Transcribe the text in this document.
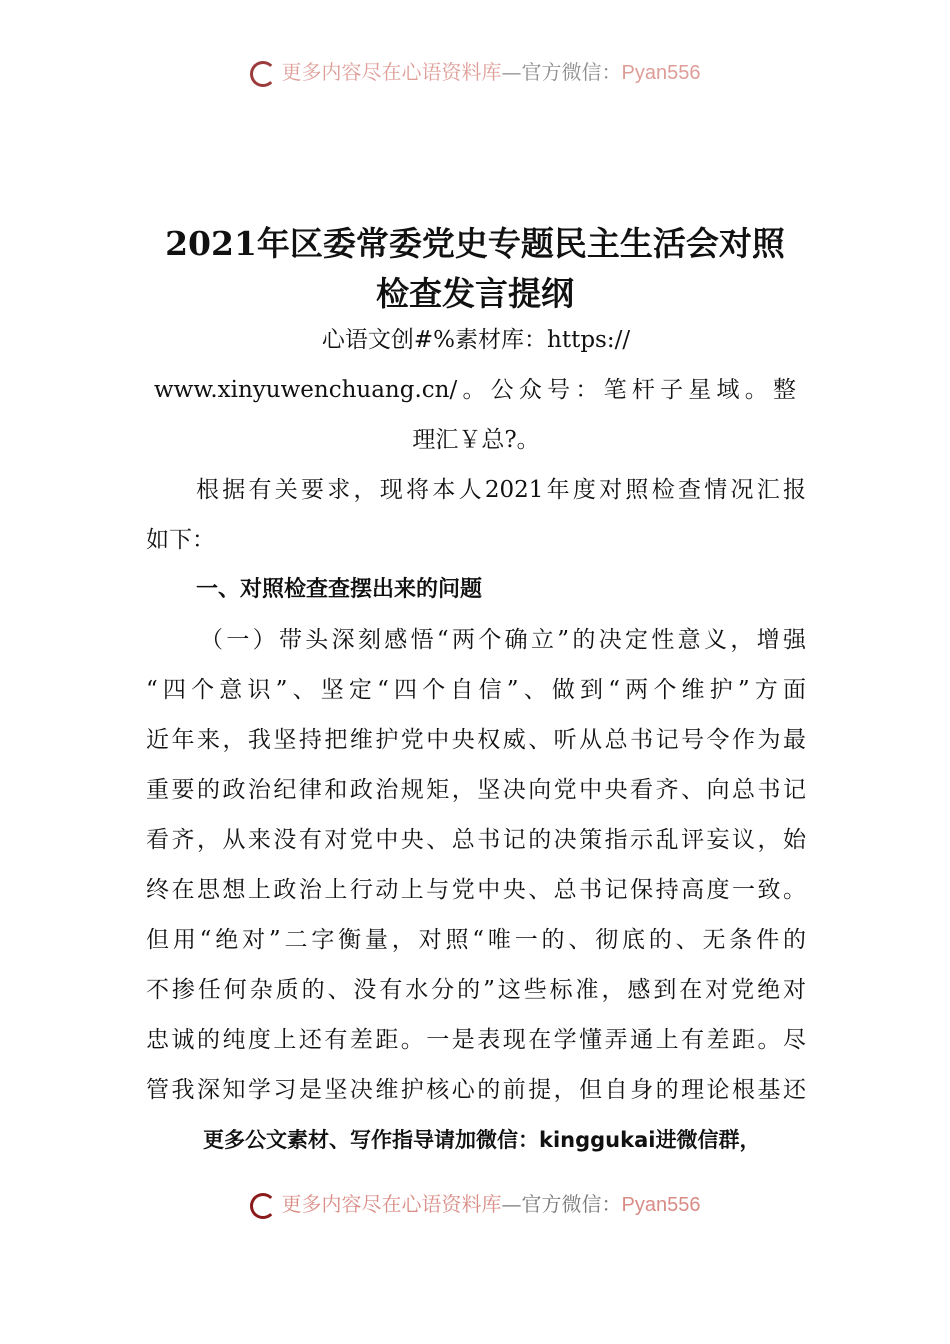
更多内容尽在心语资料库—官方微信：Pyan556
2021年区委常委党史专题民主生活会对照
检查发言提纲
心语文创#%素材库：https://
www.xinyuwenchuang.cn/。公众号：笔杆子星域。整
理汇￥总?。
根据有关要求，现将本人2021年度对照检查情况汇报
如下：
一、对照检查查摆出来的问题
（一）带头深刻感悟“两个确立”的决定性意义，增强
“四个意识”、坚定“四个自信”、做到“两个维护”方面
近年来，我坚持把维护党中央权威、听从总书记号令作为最
重要的政治纪律和政治规矩，坚决向党中央看齐、向总书记
看齐，从来没有对党中央、总书记的决策指示乱评妄议，始
终在思想上政治上行动上与党中央、总书记保持高度一致。
但用“绝对”二字衡量，对照“唯一的、彻底的、无条件的
不掺任何杂质的、没有水分的”这些标准，感到在对党绝对
忠诚的纯度上还有差距。一是表现在学懂弄通上有差距。尽
管我深知学习是坚决维护核心的前提，但自身的理论根基还
更多公文素材、写作指导请加微信：kinggukai进微信群，
更多内容尽在心语资料库—官方微信：Pyan556
